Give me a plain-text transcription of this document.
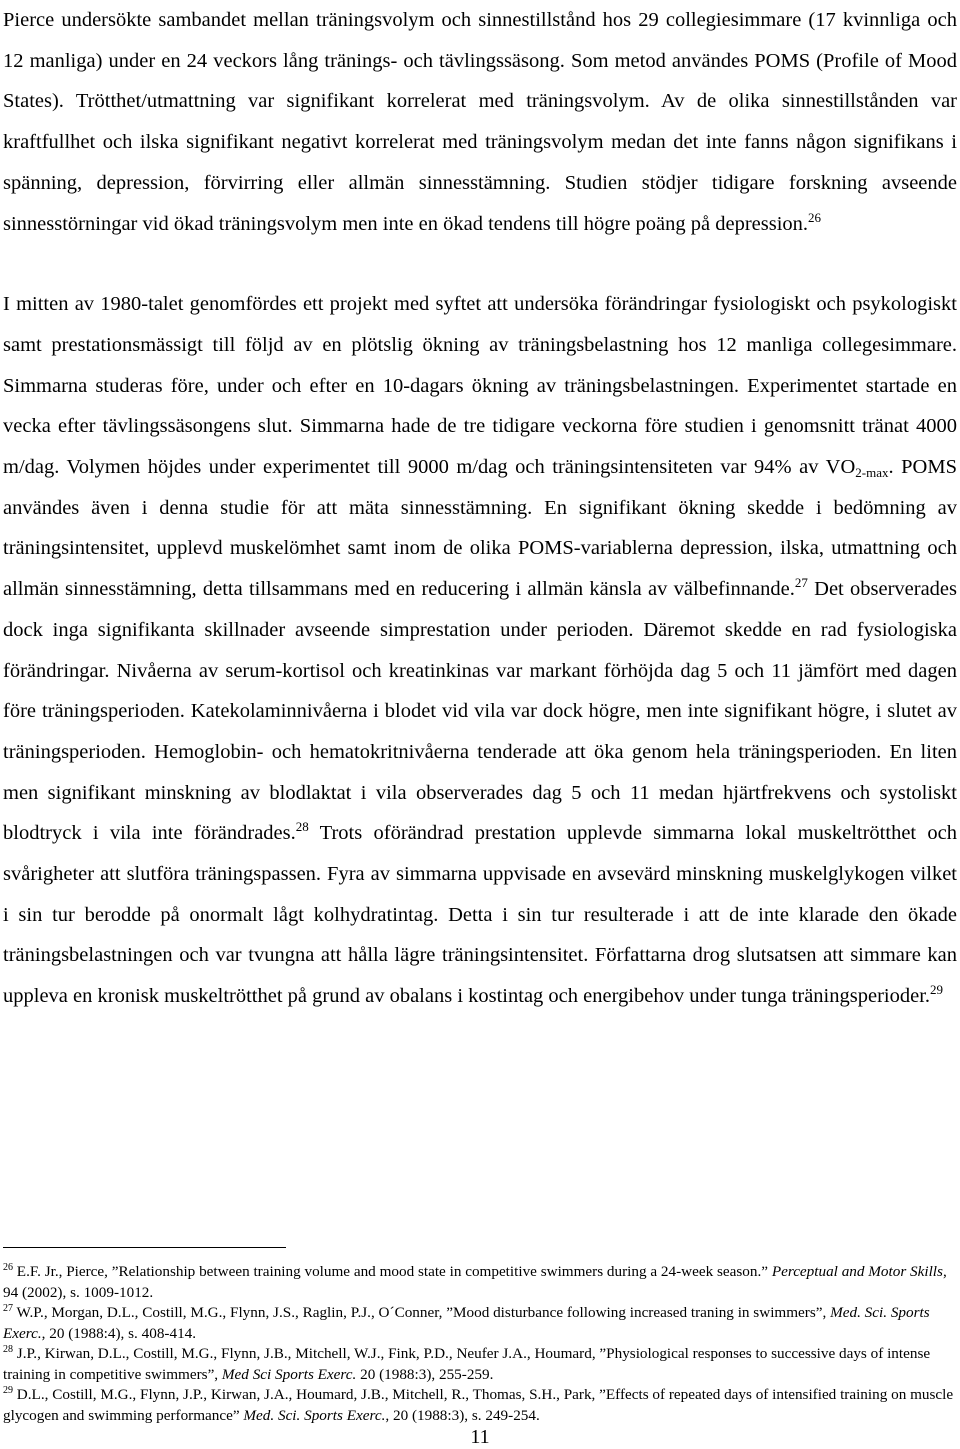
Pierce undersökte sambandet mellan träningsvolym och sinnestillstånd hos 29 collegiesimmare (17 kvinnliga och 12 manliga) under en 24 veckors lång tränings- och tävlingssäsong. Som metod användes POMS (Profile of Mood States). Trötthet/utmattning var signifikant korrelerat med träningsvolym. Av de olika sinnestillstånden var kraftfullhet och ilska signifikant negativt korrelerat med träningsvolym medan det inte fanns någon signifikans i spänning, depression, förvirring eller allmän sinnesstämning. Studien stödjer tidigare forskning avseende sinnesstörningar vid ökad träningsvolym men inte en ökad tendens till högre poäng på depression.$^{26}$

I mitten av 1980-talet genomfördes ett projekt med syftet att undersöka förändringar fysiologiskt och psykologiskt samt prestationsmässigt till följd av en plötslig ökning av träningsbelastning hos 12 manliga collegesimmare. Simmarna studeras före, under och efter en 10-dagars ökning av träningsbelastningen. Experimentet startade en vecka efter tävlingssäsongens slut. Simmarna hade de tre tidigare veckorna före studien i genomsnitt tränat 4000 m/dag. Volymen höjdes under experimentet till 9000 m/dag och träningsintensiteten var 94% av $VO_{2-max}$. POMS användes även i denna studie för att mäta sinnesstämning. En signifikant ökning skedde i bedömning av träningsintensitet, upplevd muskelömhet samt inom de olika POMS-variablerna depression, ilska, utmattning och allmän sinnesstämning, detta tillsammans med en reducering i allmän känsla av välbefinnande.$^{27}$ Det observerades dock inga signifikanta skillnader avseende simprestation under perioden. Däremot skedde en rad fysiologiska förändringar. Nivåerna av serum-kortisol och kreatinkinas var markant förhöjda dag 5 och 11 jämfört med dagen före träningsperioden. Katekolaminnivåerna i blodet vid vila var dock högre, men inte signifikant högre, i slutet av träningsperioden. Hemoglobin- och hematokritnivåerna tenderade att öka genom hela träningsperioden. En liten men signifikant minskning av blodlaktat i vila observerades dag 5 och 11 medan hjärtfrekvens och systoliskt blodtryck i vila inte förändrades.$^{28}$ Trots oförändrad prestation upplevde simmarna lokal muskeltrötthet och svårigheter att slutföra träningspassen. Fyra av simmarna uppvisade en avsevärd minskning muskelglykogen vilket i sin tur berodde på onormalt lågt kolhydratintag. Detta i sin tur resulterade i att de inte klarade den ökade träningsbelastningen och var tvungna att hålla lägre träningsintensitet. Författarna drog slutsatsen att simmare kan uppleva en kronisk muskeltrötthet på grund av obalans i kostintag och energibehov under tunga träningsperioder.$^{29}$

$^{26}$ E.F. Jr., Pierce, ”Relationship between training volume and mood state in competitive swimmers during a 24-week season.” Perceptual and Motor Skills, 94 (2002), s. 1009-1012.

$^{27}$ W.P., Morgan, D.L., Costill, M.G., Flynn, J.S., Raglin, P.J., O´Conner, ”Mood disturbance following increased traning in swimmers”, Med. Sci. Sports Exerc., 20 (1988:4), s. 408-414.

$^{28}$ J.P., Kirwan, D.L., Costill, M.G., Flynn, J.B., Mitchell, W.J., Fink, P.D., Neufer J.A., Houmard, ”Physiological responses to successive days of intense training in competitive swimmers”, Med Sci Sports Exerc. 20 (1988:3), 255-259.

$^{29}$ D.L., Costill, M.G., Flynn, J.P., Kirwan, J.A., Houmard, J.B., Mitchell, R., Thomas, S.H., Park, ”Effects of repeated days of intensified training on muscle glycogen and swimming performance” Med. Sci. Sports Exerc., 20 (1988:3), s. 249-254.

11
